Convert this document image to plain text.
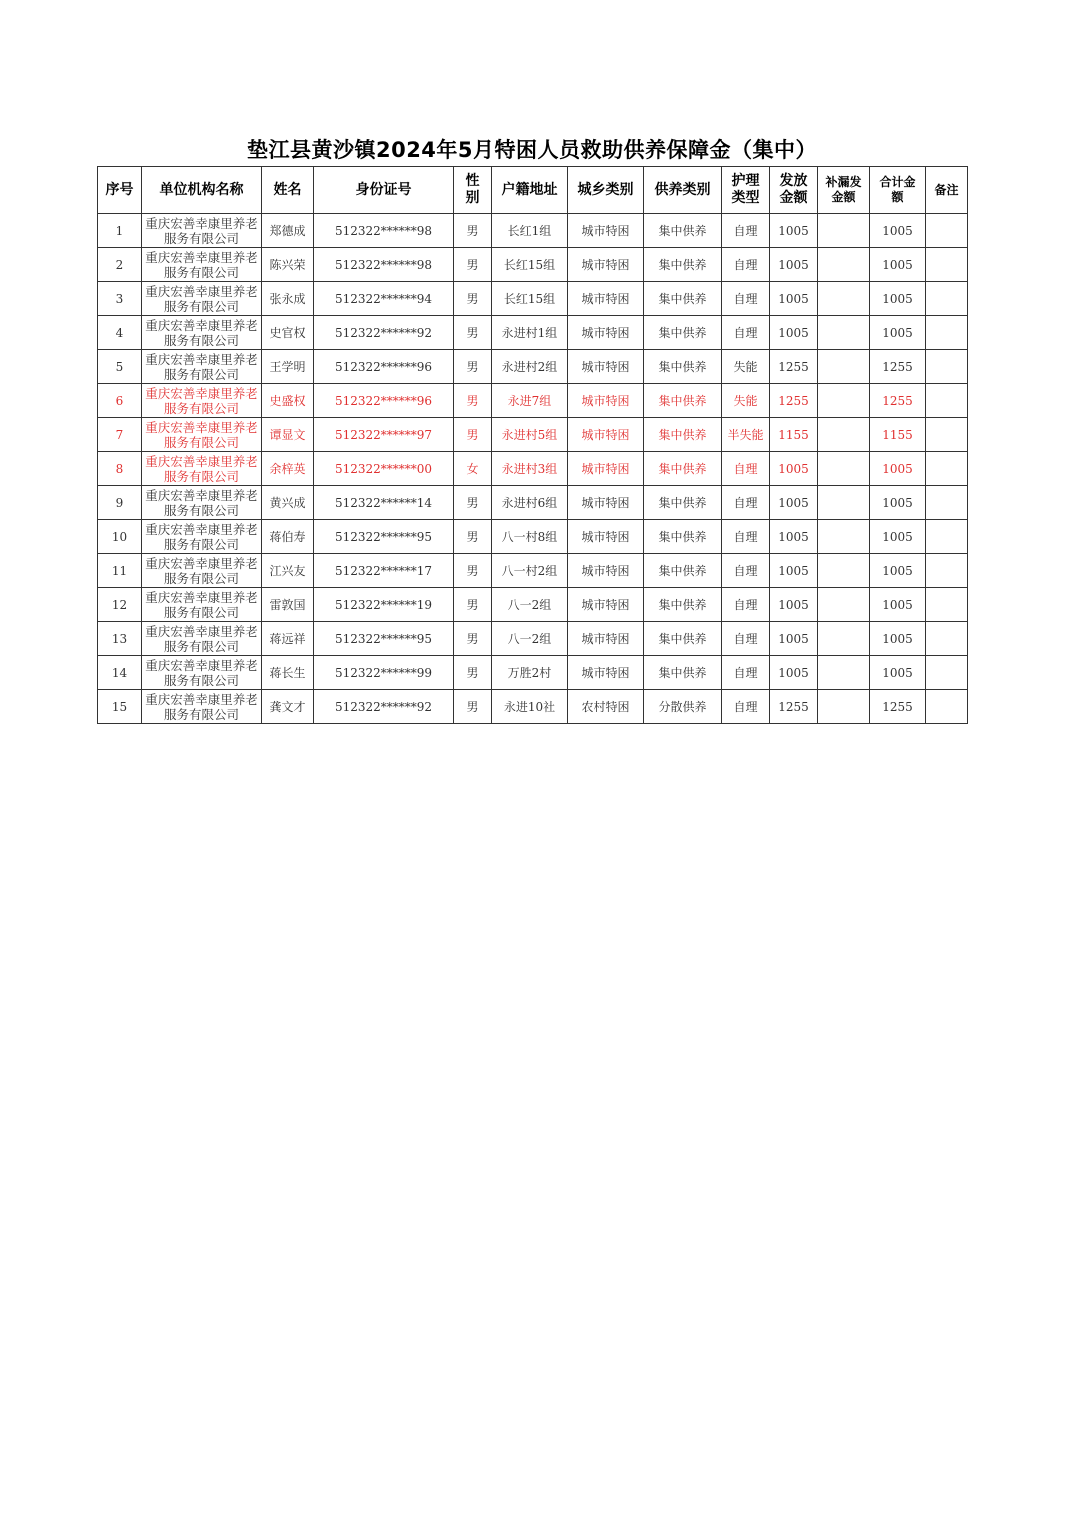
垫江县黄沙镇2024年5月特困人员救助供养保障金（集中）
序号	单位机构名称	姓名	身份证号	性
别	户籍地址	城乡类别	供养类别	护理
类型	发放
金额	补漏发
金额	合计金
额	备注
1	重庆宏善幸康里养老服务有限公司	郑德成	512322******98	男	长红1组	城市特困	集中供养	自理	1005		1005	
2	重庆宏善幸康里养老服务有限公司	陈兴荣	512322******98	男	长红15组	城市特困	集中供养	自理	1005		1005	
3	重庆宏善幸康里养老服务有限公司	张永成	512322******94	男	长红15组	城市特困	集中供养	自理	1005		1005	
4	重庆宏善幸康里养老服务有限公司	史官权	512322******92	男	永进村1组	城市特困	集中供养	自理	1005		1005	
5	重庆宏善幸康里养老服务有限公司	王学明	512322******96	男	永进村2组	城市特困	集中供养	失能	1255		1255	
6	重庆宏善幸康里养老服务有限公司	史盛权	512322******96	男	永进7组	城市特困	集中供养	失能	1255		1255	
7	重庆宏善幸康里养老服务有限公司	谭显文	512322******97	男	永进村5组	城市特困	集中供养	半失能	1155		1155	
8	重庆宏善幸康里养老服务有限公司	余梓英	512322******00	女	永进村3组	城市特困	集中供养	自理	1005		1005	
9	重庆宏善幸康里养老服务有限公司	黄兴成	512322******14	男	永进村6组	城市特困	集中供养	自理	1005		1005	
10	重庆宏善幸康里养老服务有限公司	蒋伯寿	512322******95	男	八一村8组	城市特困	集中供养	自理	1005		1005	
11	重庆宏善幸康里养老服务有限公司	江兴友	512322******17	男	八一村2组	城市特困	集中供养	自理	1005		1005	
12	重庆宏善幸康里养老服务有限公司	雷敦国	512322******19	男	八一2组	城市特困	集中供养	自理	1005		1005	
13	重庆宏善幸康里养老服务有限公司	蒋远祥	512322******95	男	八一2组	城市特困	集中供养	自理	1005		1005	
14	重庆宏善幸康里养老服务有限公司	蒋长生	512322******99	男	万胜2村	城市特困	集中供养	自理	1005		1005	
15	重庆宏善幸康里养老服务有限公司	龚文才	512322******92	男	永进10社	农村特困	分散供养	自理	1255		1255	
